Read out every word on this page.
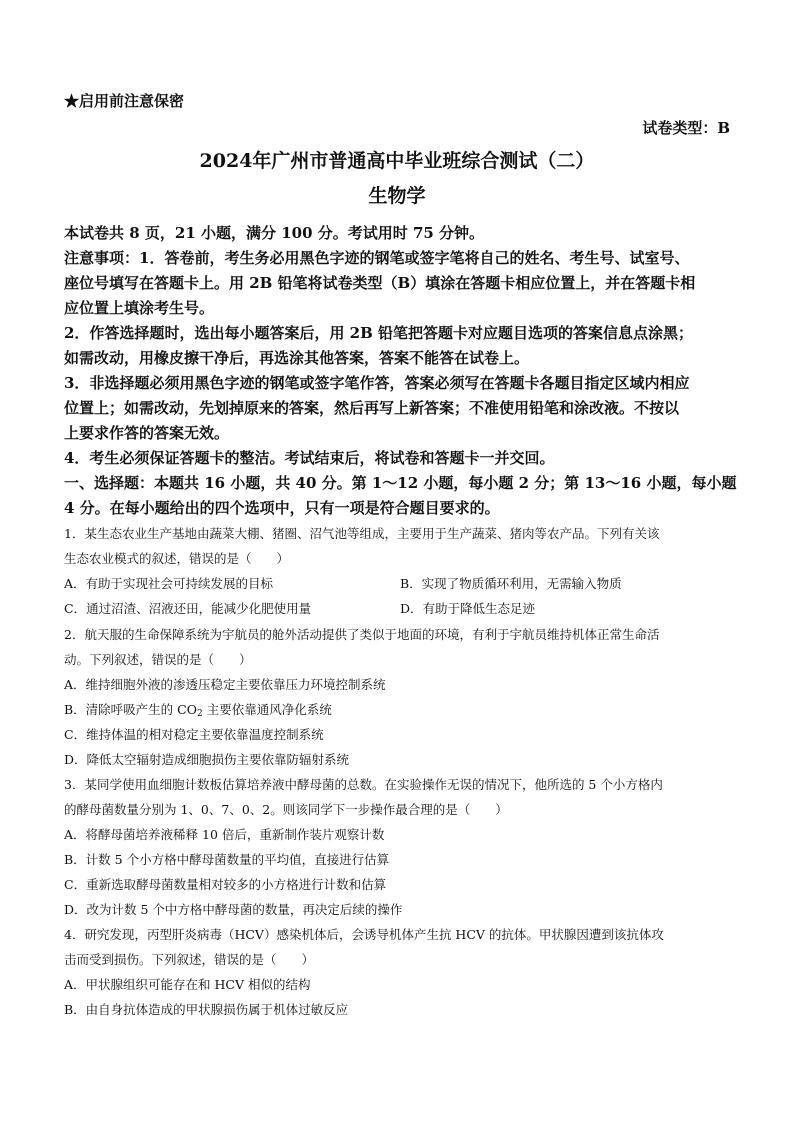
★启用前注意保密
试卷类型：B
2024年广州市普通高中毕业班综合测试（二）
生物学
本试卷共 8 页，21 小题，满分 100 分。考试用时 75 分钟。
注意事项：1．答卷前，考生务必用黑色字迹的钢笔或签字笔将自己的姓名、考生号、试室号、
座位号填写在答题卡上。用 2B 铅笔将试卷类型（B）填涂在答题卡相应位置上，并在答题卡相
应位置上填涂考生号。
2．作答选择题时，选出每小题答案后，用 2B 铅笔把答题卡对应题目选项的答案信息点涂黑；
如需改动，用橡皮擦干净后，再选涂其他答案，答案不能答在试卷上。
3．非选择题必须用黑色字迹的钢笔或签字笔作答，答案必须写在答题卡各题目指定区域内相应
位置上；如需改动，先划掉原来的答案，然后再写上新答案；不准使用铅笔和涂改液。不按以
上要求作答的答案无效。
4．考生必须保证答题卡的整洁。考试结束后，将试卷和答题卡一并交回。
一、选择题：本题共 16 小题，共 40 分。第 1～12 小题，每小题 2 分；第 13～16 小题，每小题
4 分。在每小题给出的四个选项中，只有一项是符合题目要求的。
1．某生态农业生产基地由蔬菜大棚、猪圈、沼气池等组成，主要用于生产蔬菜、猪肉等农产品。下列有关该
生态农业模式的叙述，错误的是（　　）
A．有助于实现社会可持续发展的目标	B．实现了物质循环利用，无需输入物质
C．通过沼渣、沼液还田，能减少化肥使用量	D．有助于降低生态足迹
2．航天服的生命保障系统为宇航员的舱外活动提供了类似于地面的环境，有利于宇航员维持机体正常生命活
动。下列叙述，错误的是（　　）
A．维持细胞外液的渗透压稳定主要依靠压力环境控制系统
B．清除呼吸产生的 $CO_2$ 主要依靠通风净化系统
C．维持体温的相对稳定主要依靠温度控制系统
D．降低太空辐射造成细胞损伤主要依靠防辐射系统
3．某同学使用血细胞计数板估算培养液中酵母菌的总数。在实验操作无误的情况下，他所选的 5 个小方格内
的酵母菌数量分别为 1、0、7、0、2。则该同学下一步操作最合理的是（　　）
A．将酵母菌培养液稀释 10 倍后，重新制作装片观察计数
B．计数 5 个小方格中酵母菌数量的平均值，直接进行估算
C．重新选取酵母菌数量相对较多的小方格进行计数和估算
D．改为计数 5 个中方格中酵母菌的数量，再决定后续的操作
4．研究发现，丙型肝炎病毒（HCV）感染机体后，会诱导机体产生抗 HCV 的抗体。甲状腺因遭到该抗体攻
击而受到损伤。下列叙述，错误的是（　　）
A．甲状腺组织可能存在和 HCV 相似的结构
B．由自身抗体造成的甲状腺损伤属于机体过敏反应
